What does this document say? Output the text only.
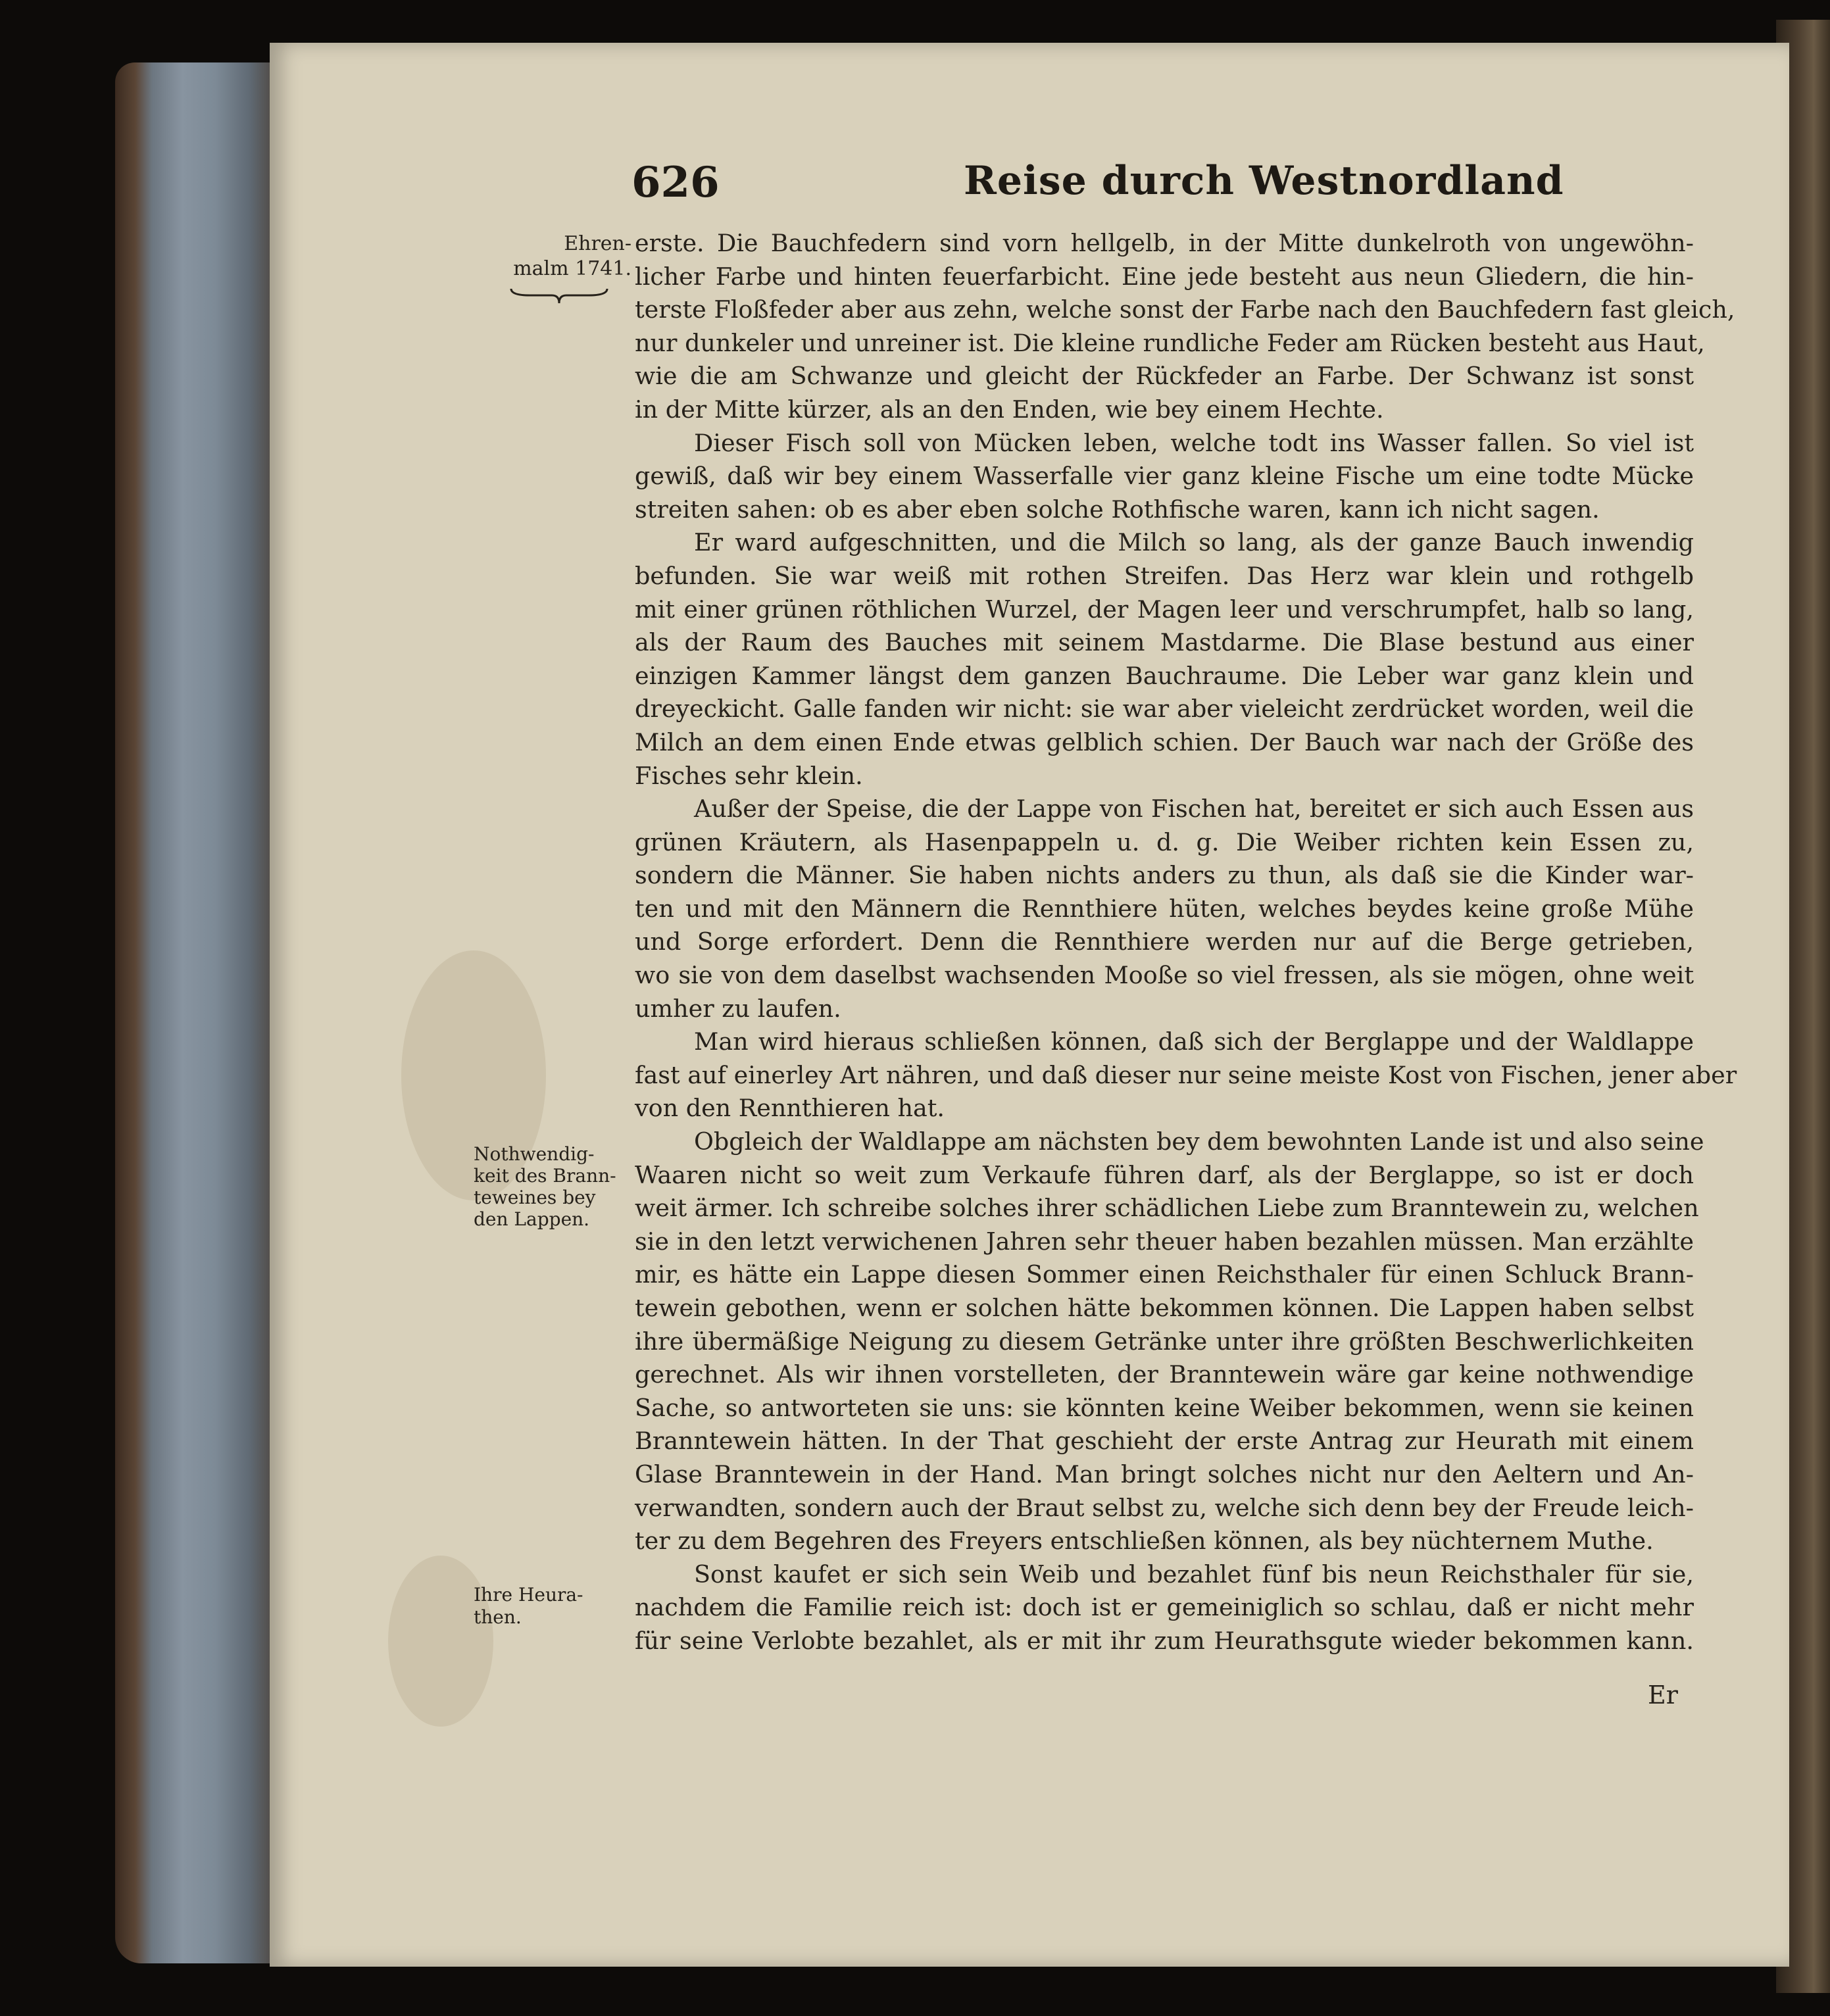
626	Reise durch Westnordland
Ehren-
malm 1741.
Nothwendig-
keit des Brann-
teweines bey
den Lappen.
Ihre Heura-
then.
erste. Die Bauchfedern sind vorn hellgelb, in der Mitte dunkelroth von ungewöhn-
licher Farbe und hinten feuerfarbicht. Eine jede besteht aus neun Gliedern, die hin-
terste Floßfeder aber aus zehn, welche sonst der Farbe nach den Bauchfedern fast gleich,
nur dunkeler und unreiner ist. Die kleine rundliche Feder am Rücken besteht aus Haut,
wie die am Schwanze und gleicht der Rückfeder an Farbe. Der Schwanz ist sonst
in der Mitte kürzer, als an den Enden, wie bey einem Hechte.
Dieser Fisch soll von Mücken leben, welche todt ins Wasser fallen. So viel ist
gewiß, daß wir bey einem Wasserfalle vier ganz kleine Fische um eine todte Mücke
streiten sahen: ob es aber eben solche Rothfische waren, kann ich nicht sagen.
Er ward aufgeschnitten, und die Milch so lang, als der ganze Bauch inwendig
befunden. Sie war weiß mit rothen Streifen. Das Herz war klein und rothgelb
mit einer grünen röthlichen Wurzel, der Magen leer und verschrumpfet, halb so lang,
als der Raum des Bauches mit seinem Mastdarme. Die Blase bestund aus einer
einzigen Kammer längst dem ganzen Bauchraume. Die Leber war ganz klein und
dreyeckicht. Galle fanden wir nicht: sie war aber vieleicht zerdrücket worden, weil die
Milch an dem einen Ende etwas gelblich schien. Der Bauch war nach der Größe des
Fisches sehr klein.
Außer der Speise, die der Lappe von Fischen hat, bereitet er sich auch Essen aus
grünen Kräutern, als Hasenpappeln u. d. g. Die Weiber richten kein Essen zu,
sondern die Männer. Sie haben nichts anders zu thun, als daß sie die Kinder war-
ten und mit den Männern die Rennthiere hüten, welches beydes keine große Mühe
und Sorge erfordert. Denn die Rennthiere werden nur auf die Berge getrieben,
wo sie von dem daselbst wachsenden Mooße so viel fressen, als sie mögen, ohne weit
umher zu laufen.
Man wird hieraus schließen können, daß sich der Berglappe und der Waldlappe
fast auf einerley Art nähren, und daß dieser nur seine meiste Kost von Fischen, jener aber
von den Rennthieren hat.
Obgleich der Waldlappe am nächsten bey dem bewohnten Lande ist und also seine
Waaren nicht so weit zum Verkaufe führen darf, als der Berglappe, so ist er doch
weit ärmer. Ich schreibe solches ihrer schädlichen Liebe zum Branntewein zu, welchen
sie in den letzt verwichenen Jahren sehr theuer haben bezahlen müssen. Man erzählte
mir, es hätte ein Lappe diesen Sommer einen Reichsthaler für einen Schluck Brann-
tewein gebothen, wenn er solchen hätte bekommen können. Die Lappen haben selbst
ihre übermäßige Neigung zu diesem Getränke unter ihre größten Beschwerlichkeiten
gerechnet. Als wir ihnen vorstelleten, der Branntewein wäre gar keine nothwendige
Sache, so antworteten sie uns: sie könnten keine Weiber bekommen, wenn sie keinen
Branntewein hätten. In der That geschieht der erste Antrag zur Heurath mit einem
Glase Branntewein in der Hand. Man bringt solches nicht nur den Aeltern und An-
verwandten, sondern auch der Braut selbst zu, welche sich denn bey der Freude leich-
ter zu dem Begehren des Freyers entschließen können, als bey nüchternem Muthe.
Sonst kaufet er sich sein Weib und bezahlet fünf bis neun Reichsthaler für sie,
nachdem die Familie reich ist: doch ist er gemeiniglich so schlau, daß er nicht mehr
für seine Verlobte bezahlet, als er mit ihr zum Heurathsgute wieder bekommen kann.
Er
